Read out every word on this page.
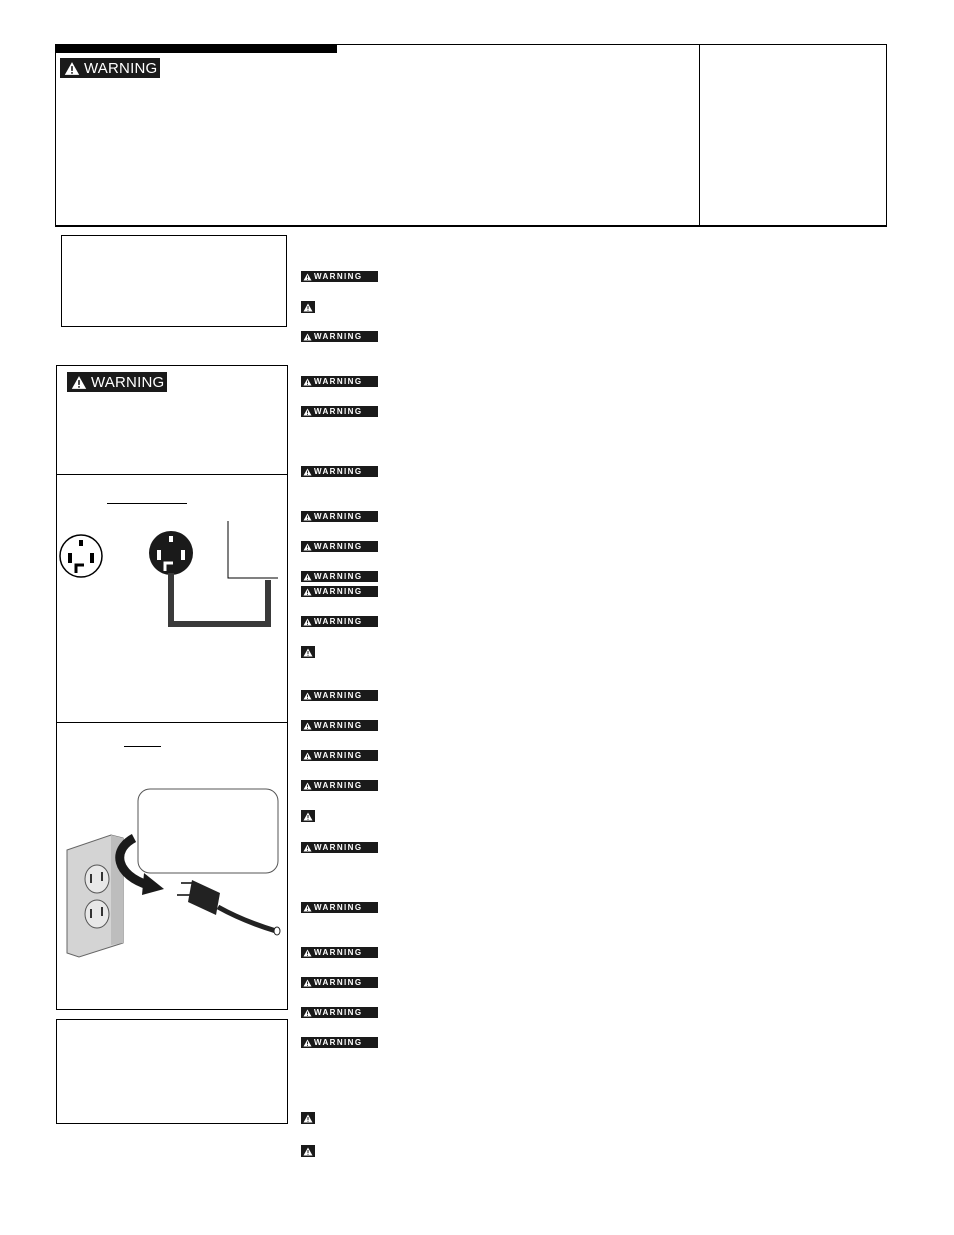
WARNING
WARNING
WARNING
WARNING
WARNING
WARNING
WARNING
WARNING
WARNING
WARNING
WARNING
WARNING
WARNING
WARNING
WARNING
WARNING
WARNING
WARNING
WARNING
WARNING
WARNING
WARNING
